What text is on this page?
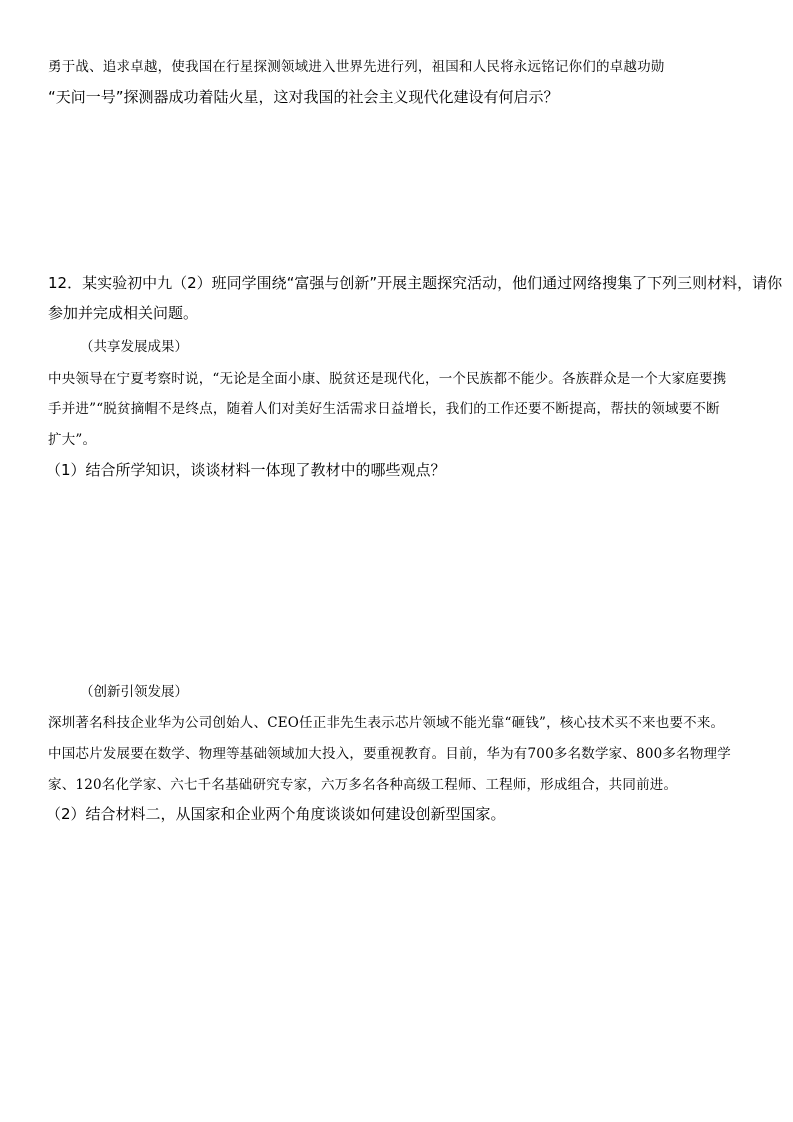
勇于战、追求卓越，使我国在行星探测领域进入世界先进行列，祖国和人民将永远铭记你们的卓越功勋
“天问一号”探测器成功着陆火星，这对我国的社会主义现代化建设有何启示？
12．某实验初中九（2）班同学围绕“富强与创新”开展主题探究活动，他们通过网络搜集了下列三则材料，请你
参加并完成相关问题。
（共享发展成果）
中央领导在宁夏考察时说，“无论是全面小康、脱贫还是现代化，一个民族都不能少。各族群众是一个大家庭要携
手并进”“脱贫摘帽不是终点，随着人们对美好生活需求日益增长，我们的工作还要不断提高，帮扶的领域要不断
扩大”。
（1）结合所学知识，谈谈材料一体现了教材中的哪些观点？
（创新引领发展）
深圳著名科技企业华为公司创始人、CEO任正非先生表示芯片领域不能光靠“砸钱”，核心技术买不来也要不来。
中国芯片发展要在数学、物理等基础领域加大投入，要重视教育。目前，华为有700多名数学家、800多名物理学
家、120名化学家、六七千名基础研究专家，六万多名各种高级工程师、工程师，形成组合，共同前进。
（2）结合材料二，从国家和企业两个角度谈谈如何建设创新型国家。
